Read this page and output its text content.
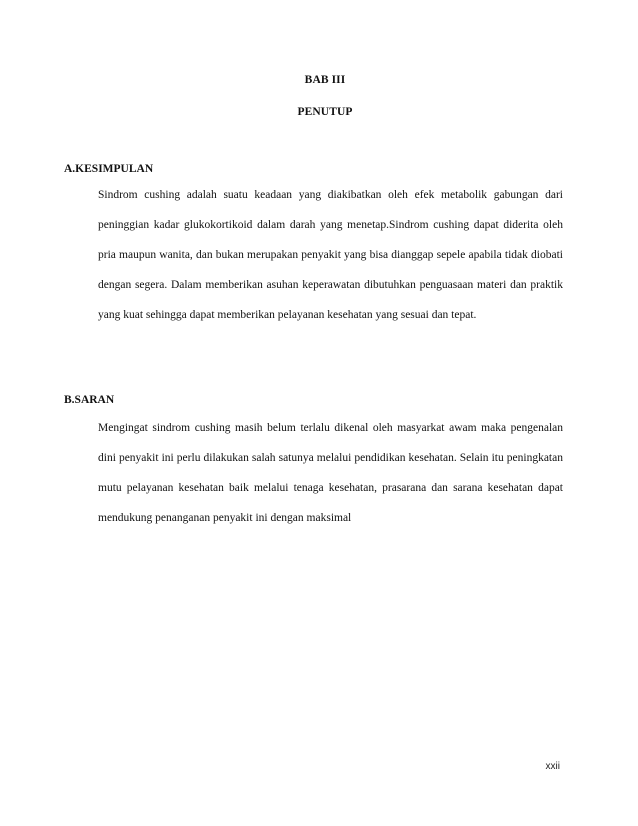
BAB III
PENUTUP
A.KESIMPULAN

Sindrom cushing adalah suatu keadaan yang diakibatkan oleh efek metabolik gabungan dari peninggian kadar glukokortikoid dalam darah yang menetap.Sindrom cushing dapat diderita oleh pria maupun wanita, dan bukan merupakan penyakit yang bisa dianggap sepele apabila tidak diobati dengan segera. Dalam memberikan asuhan keperawatan dibutuhkan penguasaan materi dan praktik yang kuat sehingga dapat memberikan pelayanan kesehatan yang sesuai dan tepat.

B.SARAN

Mengingat sindrom cushing masih belum terlalu dikenal oleh masyarkat awam maka pengenalan dini penyakit ini perlu dilakukan salah satunya melalui pendidikan kesehatan. Selain itu peningkatan mutu pelayanan kesehatan baik melalui tenaga kesehatan, prasarana dan sarana kesehatan dapat mendukung penanganan penyakit ini dengan maksimal

xxii
